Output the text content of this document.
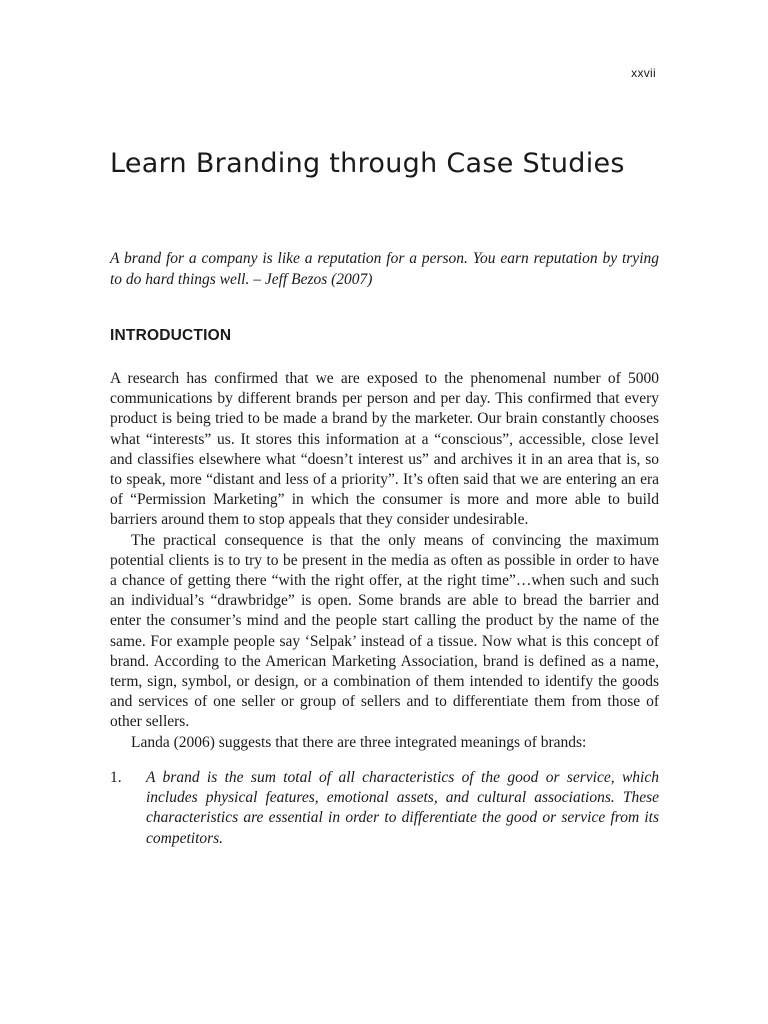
xxvii
Learn Branding through Case Studies

A brand for a company is like a reputation for a person. You earn reputation by trying to do hard things well. – Jeff Bezos (2007)

INTRODUCTION

A research has confirmed that we are exposed to the phenomenal number of 5000 communications by different brands per person and per day. This confirmed that every product is being tried to be made a brand by the marketer. Our brain constantly chooses what “interests” us. It stores this information at a “conscious”, accessible, close level and classifies elsewhere what “doesn’t interest us” and archives it in an area that is, so to speak, more “distant and less of a priority”. It’s often said that we are entering an era of “Permission Marketing” in which the consumer is more and more able to build barriers around them to stop appeals that they consider undesirable.

The practical consequence is that the only means of convincing the maximum potential clients is to try to be present in the media as often as possible in order to have a chance of getting there “with the right offer, at the right time”…when such and such an individual’s “drawbridge” is open. Some brands are able to bread the barrier and enter the consumer’s mind and the people start calling the product by the name of the same. For example people say ‘Selpak’ instead of a tissue. Now what is this concept of brand. According to the American Marketing Association, brand is defined as a name, term, sign, symbol, or design, or a combination of them intended to identify the goods and services of one seller or group of sellers and to differentiate them from those of other sellers.

Landa (2006) suggests that there are three integrated meanings of brands:

1.	A brand is the sum total of all characteristics of the good or service, which includes physical features, emotional assets, and cultural associations. These characteristics are essential in order to differentiate the good or service from its competitors.
